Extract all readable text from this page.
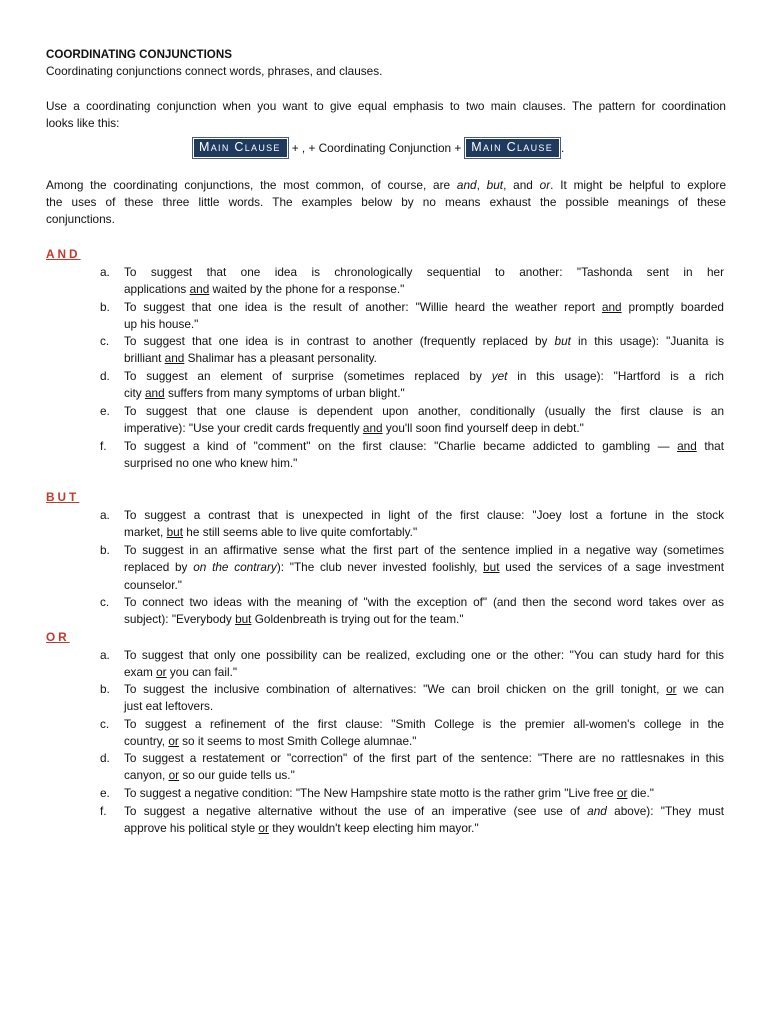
COORDINATING CONJUNCTIONS
Coordinating conjunctions connect words, phrases, and clauses.
Use a coordinating conjunction when you want to give equal emphasis to two main clauses. The pattern for coordination
looks like this:
Main Clause + , + Coordinating Conjunction + Main Clause .
Among the coordinating conjunctions, the most common, of course, are and, but, and or. It might be helpful to explore
the uses of these three little words. The examples below by no means exhaust the possible meanings of these
conjunctions.
AND
a. To suggest that one idea is chronologically sequential to another: "Tashonda sent in her
applications and waited by the phone for a response."
b. To suggest that one idea is the result of another: "Willie heard the weather report and promptly boarded
up his house."
c. To suggest that one idea is in contrast to another (frequently replaced by but in this usage): "Juanita is
brilliant and Shalimar has a pleasant personality.
d. To suggest an element of surprise (sometimes replaced by yet in this usage): "Hartford is a rich
city and suffers from many symptoms of urban blight."
e. To suggest that one clause is dependent upon another, conditionally (usually the first clause is an
imperative): "Use your credit cards frequently and you'll soon find yourself deep in debt."
f. To suggest a kind of "comment" on the first clause: "Charlie became addicted to gambling — and that
surprised no one who knew him."
BUT
a. To suggest a contrast that is unexpected in light of the first clause: "Joey lost a fortune in the stock
market, but he still seems able to live quite comfortably."
b. To suggest in an affirmative sense what the first part of the sentence implied in a negative way (sometimes
replaced by on the contrary): "The club never invested foolishly, but used the services of a sage investment
counselor."
c. To connect two ideas with the meaning of "with the exception of" (and then the second word takes over as
subject): "Everybody but Goldenbreath is trying out for the team."
OR
a. To suggest that only one possibility can be realized, excluding one or the other: "You can study hard for this
exam or you can fail."
b. To suggest the inclusive combination of alternatives: "We can broil chicken on the grill tonight, or we can
just eat leftovers.
c. To suggest a refinement of the first clause: "Smith College is the premier all-women's college in the
country, or so it seems to most Smith College alumnae."
d. To suggest a restatement or "correction" of the first part of the sentence: "There are no rattlesnakes in this
canyon, or so our guide tells us."
e. To suggest a negative condition: "The New Hampshire state motto is the rather grim "Live free or die."
f. To suggest a negative alternative without the use of an imperative (see use of and above): "They must
approve his political style or they wouldn't keep electing him mayor."
